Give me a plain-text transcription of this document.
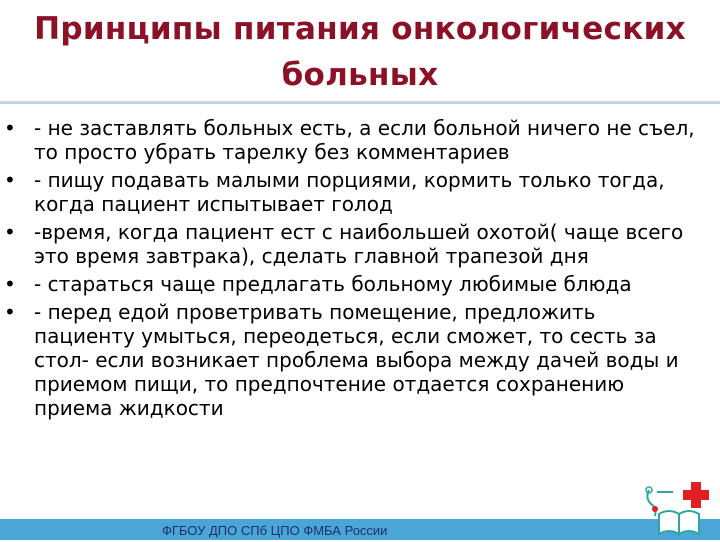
Принципы питания онкологических
больных
• - не заставлять больных есть, а если больной ничего не съел, то просто убрать тарелку без комментариев
• - пищу подавать малыми порциями, кормить только тогда, когда пациент испытывает голод
• -время, когда пациент ест с наибольшей охотой( чаще всего это время завтрака), сделать главной трапезой дня
• - стараться чаще предлагать больному любимые блюда
• - перед едой проветривать помещение, предложить пациенту умыться, переодеться, если сможет, то сесть за стол- если возникает проблема выбора между дачей воды и приемом пищи, то предпочтение отдается сохранению приема жидкости
ФГБОУ ДПО СПб ЦПО ФМБА России
